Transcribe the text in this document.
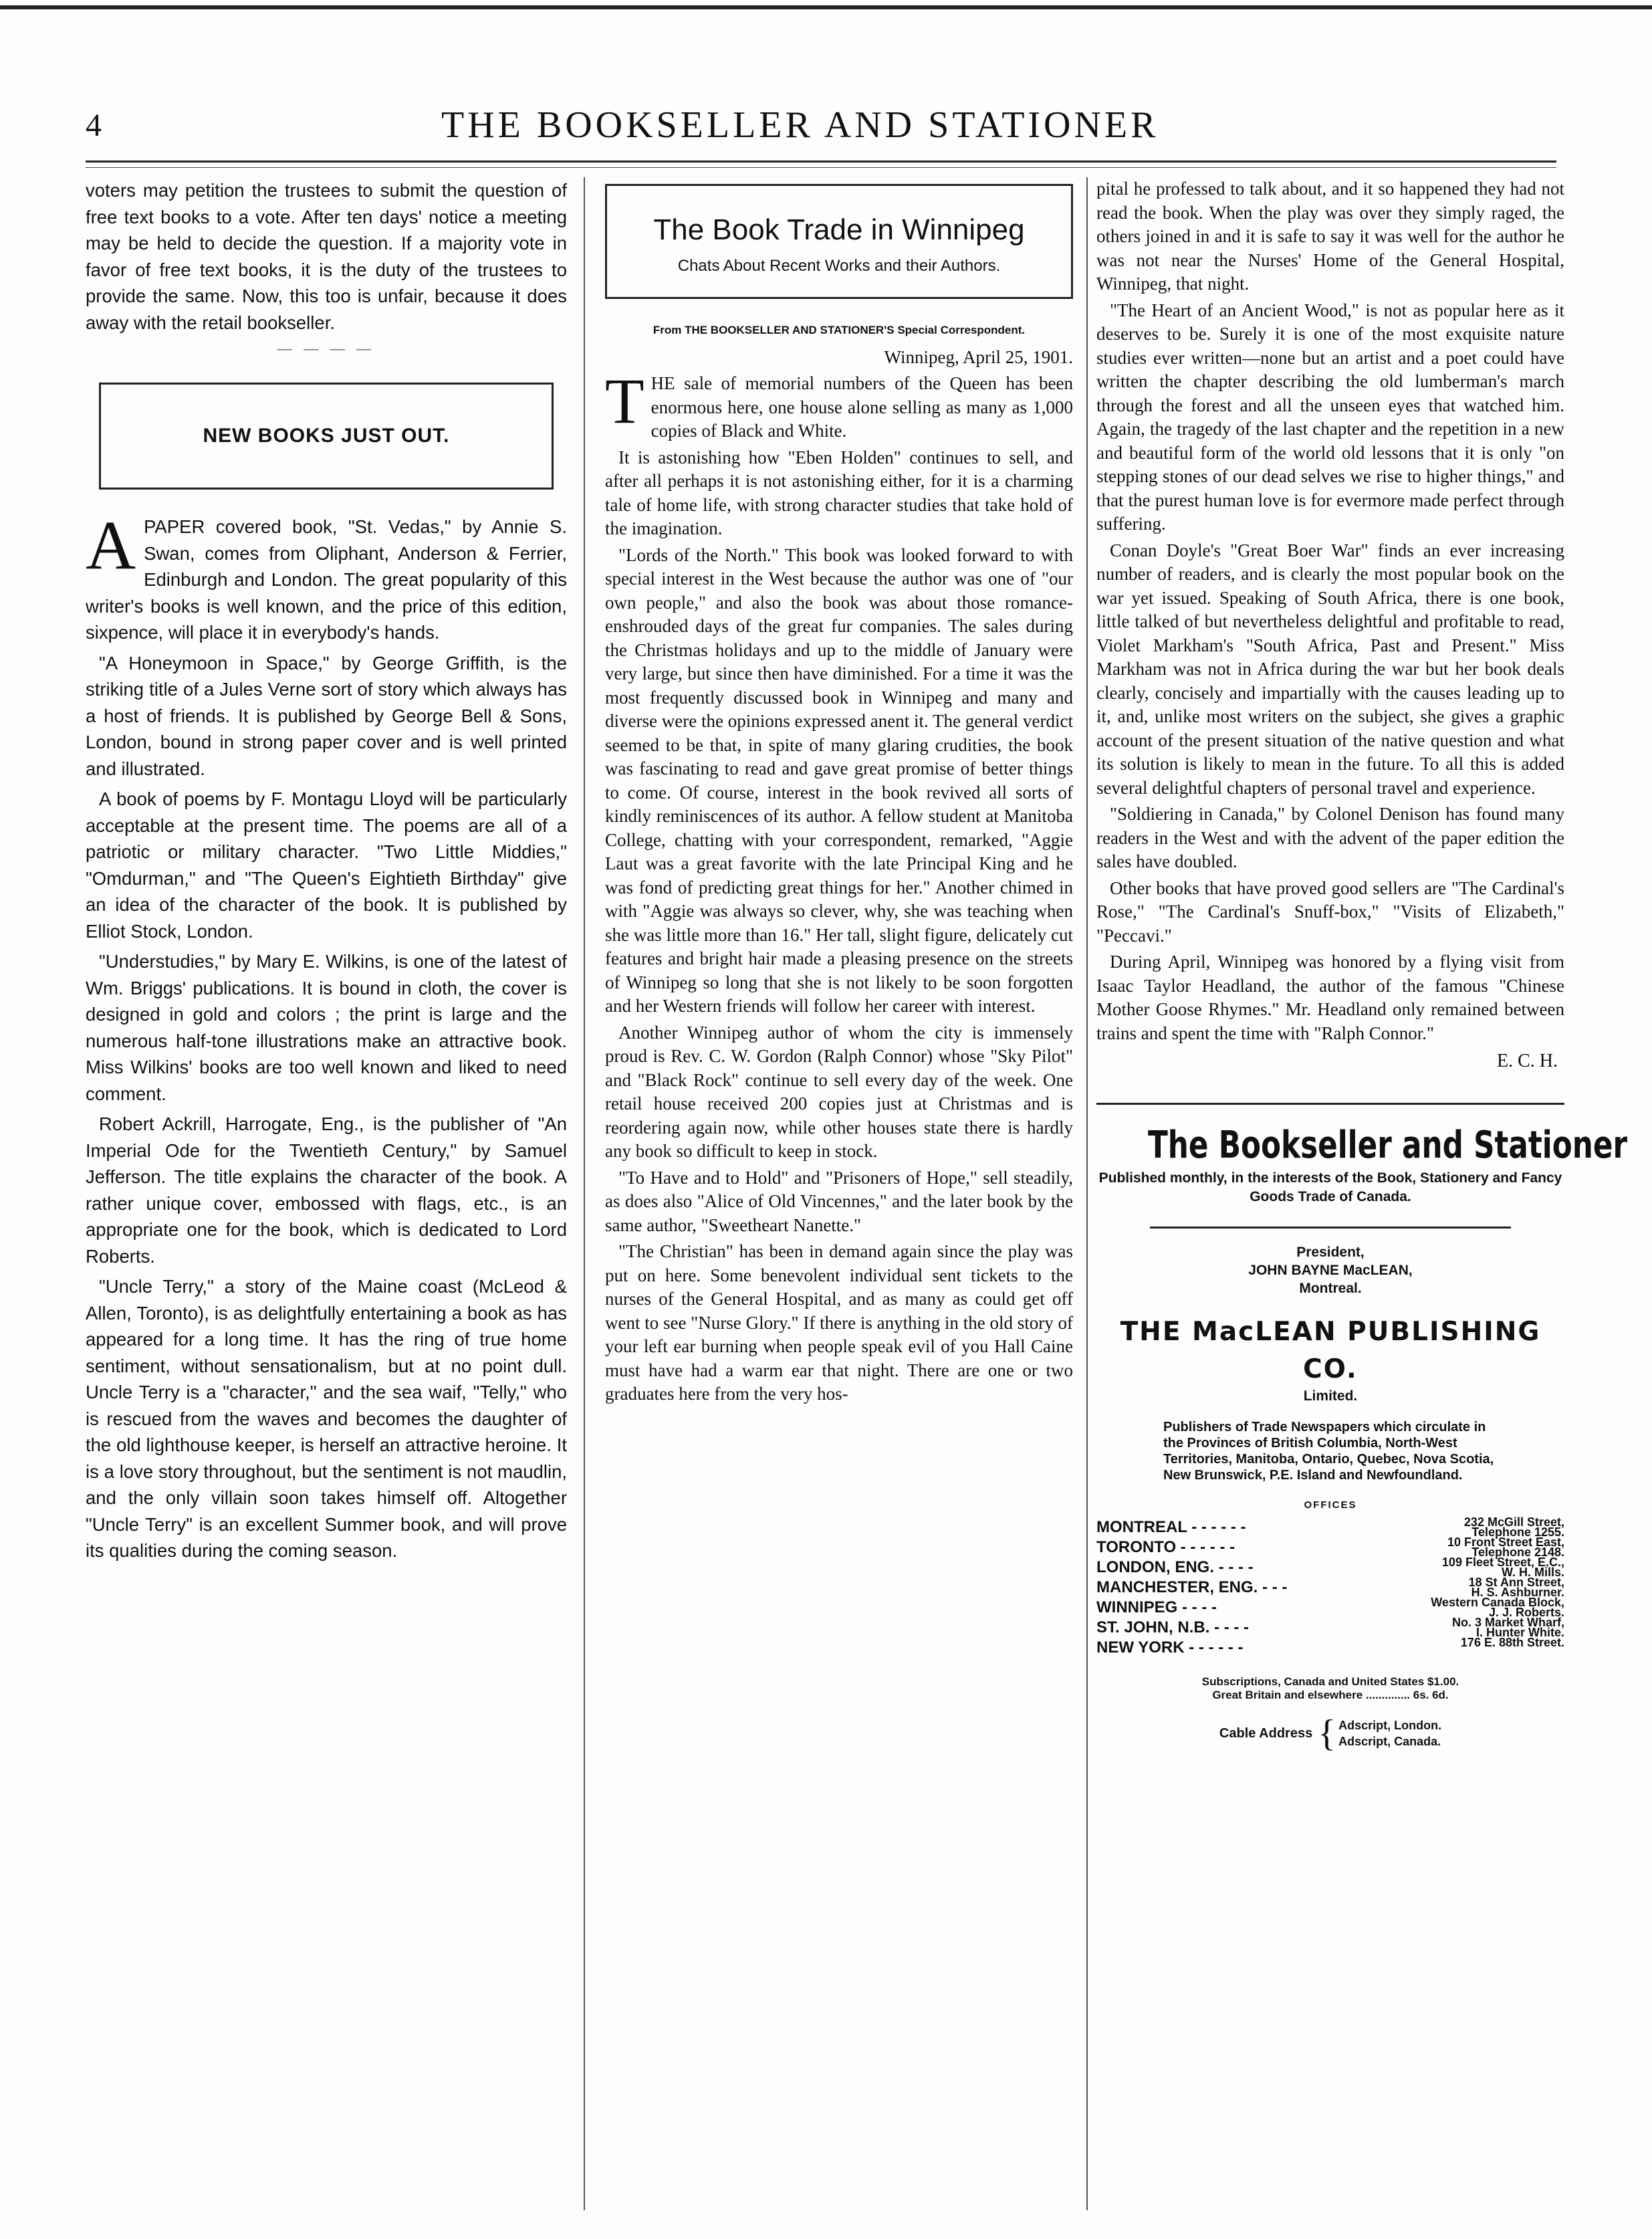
4	THE BOOKSELLER AND STATIONER

voters may petition the trustees to submit the question of free text books to a vote. After ten days' notice a meeting may be held to decide the question. If a majority vote in favor of free text books, it is the duty of the trustees to provide the same. Now, this too is unfair, because it does away with the retail bookseller.

— — — —
NEW BOOKS JUST OUT.

APAPER covered book, "St. Vedas," by Annie S. Swan, comes from Oliphant, Anderson & Ferrier, Edinburgh and London. The great popularity of this writer's books is well known, and the price of this edition, sixpence, will place it in everybody's hands.

"A Honeymoon in Space," by George Griffith, is the striking title of a Jules Verne sort of story which always has a host of friends. It is published by George Bell & Sons, London, bound in strong paper cover and is well printed and illustrated.

A book of poems by F. Montagu Lloyd will be particularly acceptable at the present time. The poems are all of a patriotic or military character. "Two Little Middies," "Omdurman," and "The Queen's Eightieth Birthday" give an idea of the character of the book. It is published by Elliot Stock, London.

"Understudies," by Mary E. Wilkins, is one of the latest of Wm. Briggs' publications. It is bound in cloth, the cover is designed in gold and colors ; the print is large and the numerous half-tone illustrations make an attractive book. Miss Wilkins' books are too well known and liked to need comment.

Robert Ackrill, Harrogate, Eng., is the publisher of "An Imperial Ode for the Twentieth Century," by Samuel Jefferson. The title explains the character of the book. A rather unique cover, embossed with flags, etc., is an appropriate one for the book, which is dedicated to Lord Roberts.

"Uncle Terry," a story of the Maine coast (McLeod & Allen, Toronto), is as delightfully entertaining a book as has appeared for a long time. It has the ring of true home sentiment, without sensationalism, but at no point dull. Uncle Terry is a "character," and the sea waif, "Telly," who is rescued from the waves and becomes the daughter of the old lighthouse keeper, is herself an attractive heroine. It is a love story throughout, but the sentiment is not maudlin, and the only villain soon takes himself off. Altogether "Uncle Terry" is an excellent Summer book, and will prove its qualities during the coming season.

The Book Trade in Winnipeg
Chats About Recent Works and their Authors.
From THE BOOKSELLER AND STATIONER'S Special Correspondent.
Winnipeg, April 25, 1901.

THE sale of memorial numbers of the Queen has been enormous here, one house alone selling as many as 1,000 copies of Black and White.

It is astonishing how "Eben Holden" continues to sell, and after all perhaps it is not astonishing either, for it is a charming tale of home life, with strong character studies that take hold of the imagination.

"Lords of the North." This book was looked forward to with special interest in the West because the author was one of "our own people," and also the book was about those romance-enshrouded days of the great fur companies. The sales during the Christmas holidays and up to the middle of January were very large, but since then have diminished. For a time it was the most frequently discussed book in Winnipeg and many and diverse were the opinions expressed anent it. The general verdict seemed to be that, in spite of many glaring crudities, the book was fascinating to read and gave great promise of better things to come. Of course, interest in the book revived all sorts of kindly reminiscences of its author. A fellow student at Manitoba College, chatting with your correspondent, remarked, "Aggie Laut was a great favorite with the late Principal King and he was fond of predicting great things for her." Another chimed in with "Aggie was always so clever, why, she was teaching when she was little more than 16." Her tall, slight figure, delicately cut features and bright hair made a pleasing presence on the streets of Winnipeg so long that she is not likely to be soon forgotten and her Western friends will follow her career with interest.

Another Winnipeg author of whom the city is immensely proud is Rev. C. W. Gordon (Ralph Connor) whose "Sky Pilot" and "Black Rock" continue to sell every day of the week. One retail house received 200 copies just at Christmas and is reordering again now, while other houses state there is hardly any book so difficult to keep in stock.

"To Have and to Hold" and "Prisoners of Hope," sell steadily, as does also "Alice of Old Vincennes," and the later book by the same author, "Sweetheart Nanette."

"The Christian" has been in demand again since the play was put on here. Some benevolent individual sent tickets to the nurses of the General Hospital, and as many as could get off went to see "Nurse Glory." If there is anything in the old story of your left ear burning when people speak evil of you Hall Caine must have had a warm ear that night. There are one or two graduates here from the very hos-

pital he professed to talk about, and it so happened they had not read the book. When the play was over they simply raged, the others joined in and it is safe to say it was well for the author he was not near the Nurses' Home of the General Hospital, Winnipeg, that night.

"The Heart of an Ancient Wood," is not as popular here as it deserves to be. Surely it is one of the most exquisite nature studies ever written—none but an artist and a poet could have written the chapter describing the old lumberman's march through the forest and all the unseen eyes that watched him. Again, the tragedy of the last chapter and the repetition in a new and beautiful form of the world old lessons that it is only "on stepping stones of our dead selves we rise to higher things," and that the purest human love is for evermore made perfect through suffering.

Conan Doyle's "Great Boer War" finds an ever increasing number of readers, and is clearly the most popular book on the war yet issued. Speaking of South Africa, there is one book, little talked of but nevertheless delightful and profitable to read, Violet Markham's "South Africa, Past and Present." Miss Markham was not in Africa during the war but her book deals clearly, concisely and impartially with the causes leading up to it, and, unlike most writers on the subject, she gives a graphic account of the present situation of the native question and what its solution is likely to mean in the future. To all this is added several delightful chapters of personal travel and experience.

"Soldiering in Canada," by Colonel Denison has found many readers in the West and with the advent of the paper edition the sales have doubled.

Other books that have proved good sellers are "The Cardinal's Rose," "The Cardinal's Snuff-box," "Visits of Elizabeth," "Peccavi."

During April, Winnipeg was honored by a flying visit from Isaac Taylor Headland, the author of the famous "Chinese Mother Goose Rhymes." Mr. Headland only remained between trains and spent the time with "Ralph Connor."

E. C. H.
The Bookseller and Stationer
Published monthly, in the interests of the Book, Stationery and Fancy Goods Trade of Canada.
President,
JOHN BAYNE MacLEAN,
Montreal.
THE MacLEAN PUBLISHING CO.
Limited.
Publishers of Trade Newspapers which circulate in the Provinces of British Columbia, North-West Territories, Manitoba, Ontario, Quebec, Nova Scotia, New Brunswick, P.E. Island and Newfoundland.
OFFICES
MONTREAL - - - - - -	232 McGill Street,
Telephone 1255.

TORONTO - - - - - -	10 Front Street East,
Telephone 2148.

LONDON, ENG. - - - -	109 Fleet Street, E.C.,
W. H. Mills.

MANCHESTER, ENG. - - -	18 St Ann Street,
H. S. Ashburner.

WINNIPEG - - - -	Western Canada Block,
J. J. Roberts.

ST. JOHN, N.B. - - - -	No. 3 Market Wharf,
I. Hunter White.

NEW YORK - - - - - -	176 E. 88th Street.
Subscriptions, Canada and United States $1.00.
Great Britain and elsewhere .............. 6s. 6d.
Cable Address { Adscript, London.
Adscript, Canada.
